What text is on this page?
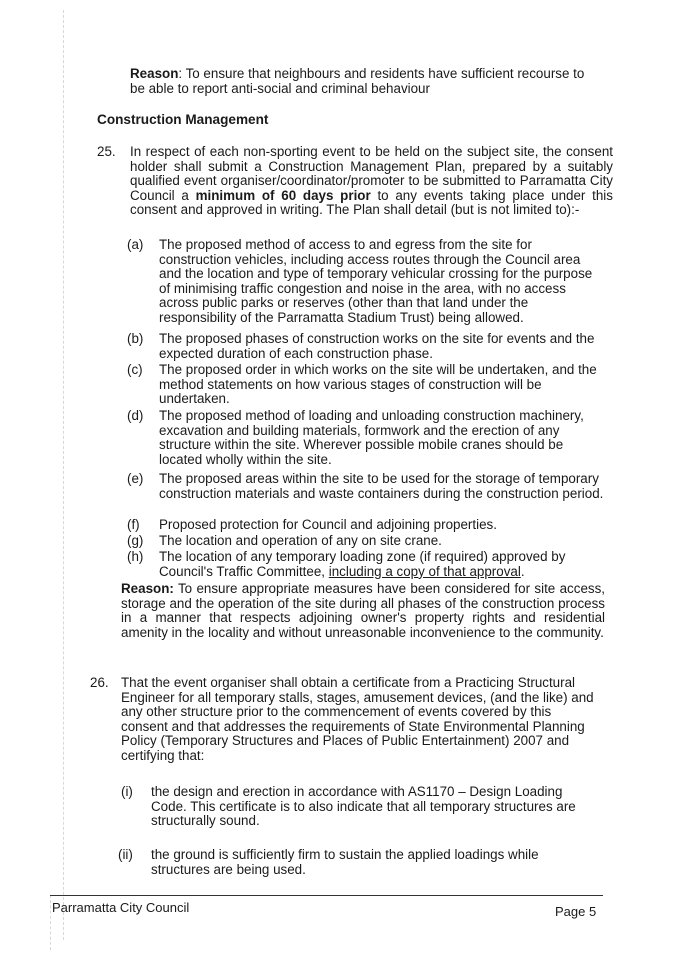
Reason: To ensure that neighbours and residents have sufficient recourse to be able to report anti-social and criminal behaviour
Construction Management
25. In respect of each non-sporting event to be held on the subject site, the consent holder shall submit a Construction Management Plan, prepared by a suitably qualified event organiser/coordinator/promoter to be submitted to Parramatta City Council a minimum of 60 days prior to any events taking place under this consent and approved in writing. The Plan shall detail (but is not limited to):-
(a) The proposed method of access to and egress from the site for construction vehicles, including access routes through the Council area and the location and type of temporary vehicular crossing for the purpose of minimising traffic congestion and noise in the area, with no access across public parks or reserves (other than that land under the responsibility of the Parramatta Stadium Trust) being allowed.
(b) The proposed phases of construction works on the site for events and the expected duration of each construction phase.
(c) The proposed order in which works on the site will be undertaken, and the method statements on how various stages of construction will be undertaken.
(d) The proposed method of loading and unloading construction machinery, excavation and building materials, formwork and the erection of any structure within the site. Wherever possible mobile cranes should be located wholly within the site.
(e) The proposed areas within the site to be used for the storage of temporary construction materials and waste containers during the construction period.
(f) Proposed protection for Council and adjoining properties.
(g) The location and operation of any on site crane.
(h) The location of any temporary loading zone (if required) approved by Council's Traffic Committee, including a copy of that approval.
Reason: To ensure appropriate measures have been considered for site access, storage and the operation of the site during all phases of the construction process in a manner that respects adjoining owner's property rights and residential amenity in the locality and without unreasonable inconvenience to the community.
26. That the event organiser shall obtain a certificate from a Practicing Structural Engineer for all temporary stalls, stages, amusement devices, (and the like) and any other structure prior to the commencement of events covered by this consent and that addresses the requirements of State Environmental Planning Policy (Temporary Structures and Places of Public Entertainment) 2007 and certifying that:
(i) the design and erection in accordance with AS1170 – Design Loading Code. This certificate is to also indicate that all temporary structures are structurally sound.
(ii) the ground is sufficiently firm to sustain the applied loadings while structures are being used.
Parramatta City Council	Page 5
